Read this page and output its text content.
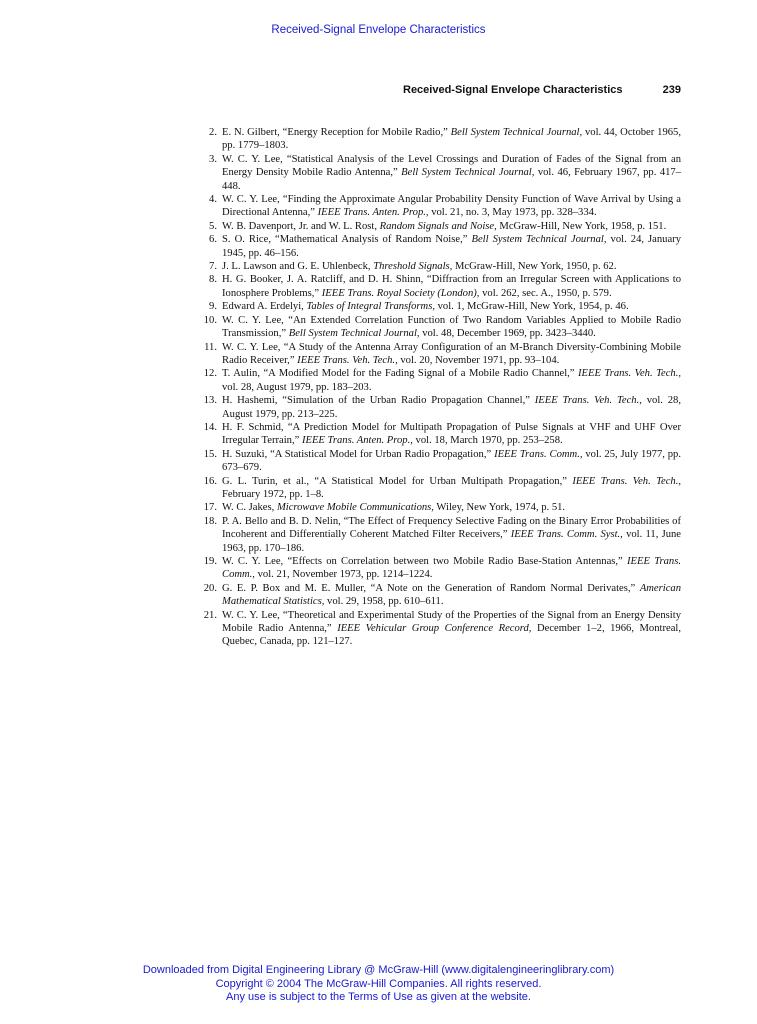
Received-Signal Envelope Characteristics
Received-Signal Envelope Characteristics	239
2. E. N. Gilbert, “Energy Reception for Mobile Radio,” Bell System Technical Journal, vol. 44, October 1965, pp. 1779–1803.
3. W. C. Y. Lee, “Statistical Analysis of the Level Crossings and Duration of Fades of the Signal from an Energy Density Mobile Radio Antenna,” Bell System Technical Journal, vol. 46, February 1967, pp. 417–448.
4. W. C. Y. Lee, “Finding the Approximate Angular Probability Density Function of Wave Arrival by Using a Directional Antenna,” IEEE Trans. Anten. Prop., vol. 21, no. 3, May 1973, pp. 328–334.
5. W. B. Davenport, Jr. and W. L. Rost, Random Signals and Noise, McGraw-Hill, New York, 1958, p. 151.
6. S. O. Rice, “Mathematical Analysis of Random Noise,” Bell System Technical Journal, vol. 24, January 1945, pp. 46–156.
7. J. L. Lawson and G. E. Uhlenbeck, Threshold Signals, McGraw-Hill, New York, 1950, p. 62.
8. H. G. Booker, J. A. Ratcliff, and D. H. Shinn, “Diffraction from an Irregular Screen with Applications to Ionosphere Problems,” IEEE Trans. Royal Society (London), vol. 262, sec. A., 1950, p. 579.
9. Edward A. Erdelyi, Tables of Integral Transforms, vol. 1, McGraw-Hill, New York, 1954, p. 46.
10. W. C. Y. Lee, “An Extended Correlation Function of Two Random Variables Applied to Mobile Radio Transmission,” Bell System Technical Journal, vol. 48, December 1969, pp. 3423–3440.
11. W. C. Y. Lee, “A Study of the Antenna Array Configuration of an M-Branch Diversity-Combining Mobile Radio Receiver,” IEEE Trans. Veh. Tech., vol. 20, November 1971, pp. 93–104.
12. T. Aulin, “A Modified Model for the Fading Signal of a Mobile Radio Channel,” IEEE Trans. Veh. Tech., vol. 28, August 1979, pp. 183–203.
13. H. Hashemi, “Simulation of the Urban Radio Propagation Channel,” IEEE Trans. Veh. Tech., vol. 28, August 1979, pp. 213–225.
14. H. F. Schmid, “A Prediction Model for Multipath Propagation of Pulse Signals at VHF and UHF Over Irregular Terrain,” IEEE Trans. Anten. Prop., vol. 18, March 1970, pp. 253–258.
15. H. Suzuki, “A Statistical Model for Urban Radio Propagation,” IEEE Trans. Comm., vol. 25, July 1977, pp. 673–679.
16. G. L. Turin, et al., “A Statistical Model for Urban Multipath Propagation,” IEEE Trans. Veh. Tech., February 1972, pp. 1–8.
17. W. C. Jakes, Microwave Mobile Communications, Wiley, New York, 1974, p. 51.
18. P. A. Bello and B. D. Nelin, “The Effect of Frequency Selective Fading on the Binary Error Probabilities of Incoherent and Differentially Coherent Matched Filter Receivers,” IEEE Trans. Comm. Syst., vol. 11, June 1963, pp. 170–186.
19. W. C. Y. Lee, “Effects on Correlation between two Mobile Radio Base-Station Antennas,” IEEE Trans. Comm., vol. 21, November 1973, pp. 1214–1224.
20. G. E. P. Box and M. E. Muller, “A Note on the Generation of Random Normal Derivates,” American Mathematical Statistics, vol. 29, 1958, pp. 610–611.
21. W. C. Y. Lee, “Theoretical and Experimental Study of the Properties of the Signal from an Energy Density Mobile Radio Antenna,” IEEE Vehicular Group Conference Record, December 1–2, 1966, Montreal, Quebec, Canada, pp. 121–127.
Downloaded from Digital Engineering Library @ McGraw-Hill (www.digitalengineeringlibrary.com)
Copyright © 2004 The McGraw-Hill Companies. All rights reserved.
Any use is subject to the Terms of Use as given at the website.
